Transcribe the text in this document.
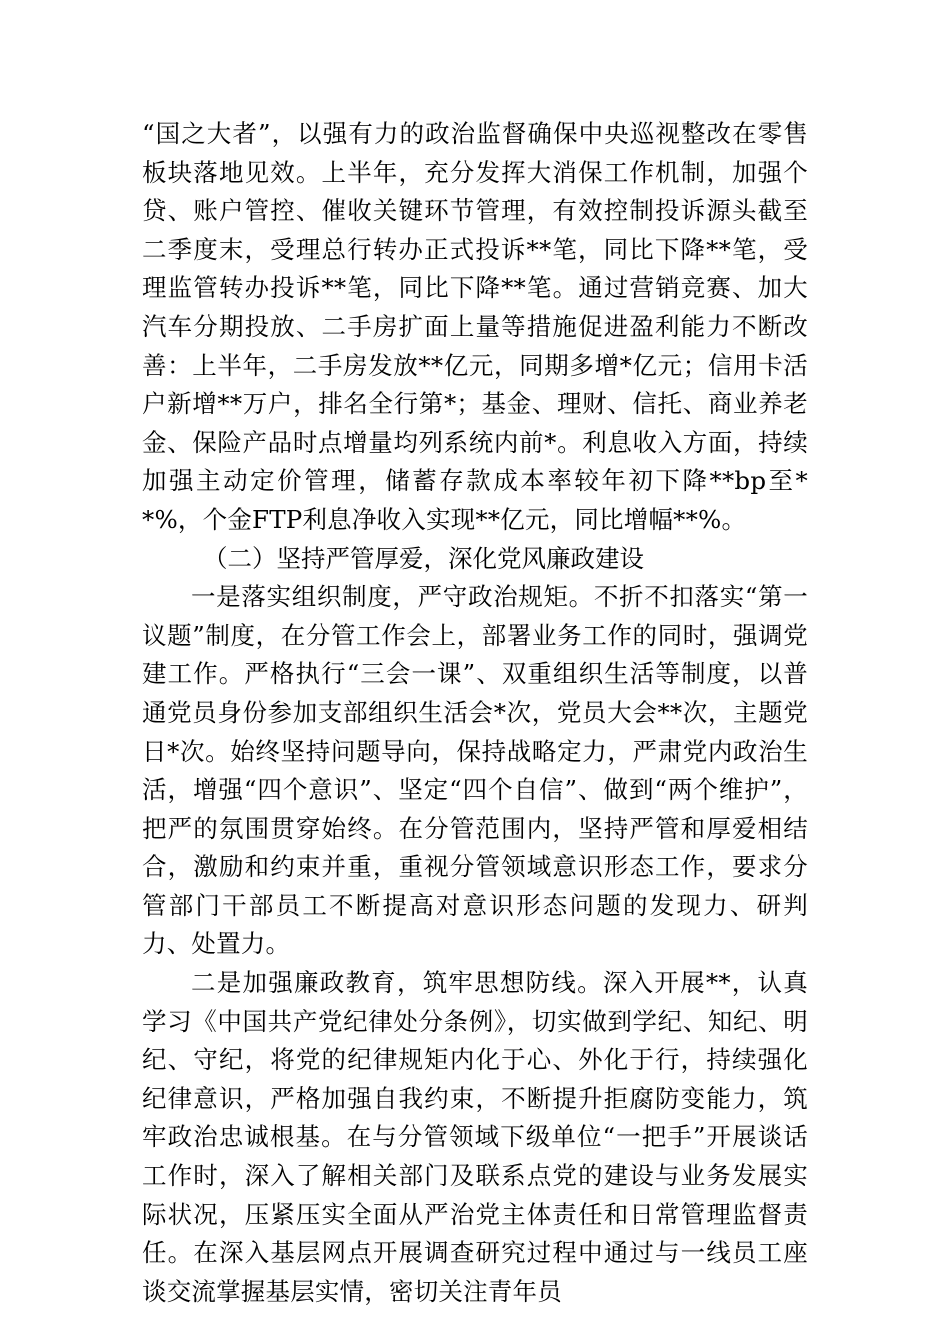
“国之大者”，以强有力的政治监督确保中央巡视整改在零售板块落地见效。上半年，充分发挥大消保工作机制，加强个贷、账户管控、催收关键环节管理，有效控制投诉源头截至二季度末，受理总行转办正式投诉**笔，同比下降**笔，受理监管转办投诉**笔，同比下降**笔。通过营销竞赛、加大汽车分期投放、二手房扩面上量等措施促进盈利能力不断改善：上半年，二手房发放**亿元，同期多增*亿元；信用卡活户新增**万户，排名全行第*；基金、理财、信托、商业养老金、保险产品时点增量均列系统内前*。利息收入方面，持续加强主动定价管理，储蓄存款成本率较年初下降**bp至**%，个金FTP利息净收入实现**亿元，同比增幅**%。

（二）坚持严管厚爱，深化党风廉政建设

一是落实组织制度，严守政治规矩。不折不扣落实“第一议题”制度，在分管工作会上，部署业务工作的同时，强调党建工作。严格执行“三会一课”、双重组织生活等制度，以普通党员身份参加支部组织生活会*次，党员大会**次，主题党日*次。始终坚持问题导向，保持战略定力，严肃党内政治生活，增强“四个意识”、坚定“四个自信”、做到“两个维护”，把严的氛围贯穿始终。在分管范围内，坚持严管和厚爱相结合，激励和约束并重，重视分管领域意识形态工作，要求分管部门干部员工不断提高对意识形态问题的发现力、研判力、处置力。

二是加强廉政教育，筑牢思想防线。深入开展**，认真学习《中国共产党纪律处分条例》，切实做到学纪、知纪、明纪、守纪，将党的纪律规矩内化于心、外化于行，持续强化纪律意识，严格加强自我约束，不断提升拒腐防变能力，筑牢政治忠诚根基。在与分管领域下级单位“一把手”开展谈话工作时，深入了解相关部门及联系点党的建设与业务发展实际状况，压紧压实全面从严治党主体责任和日常管理监督责任。在深入基层网点开展调查研究过程中通过与一线员工座谈交流掌握基层实情，密切关注青年员
